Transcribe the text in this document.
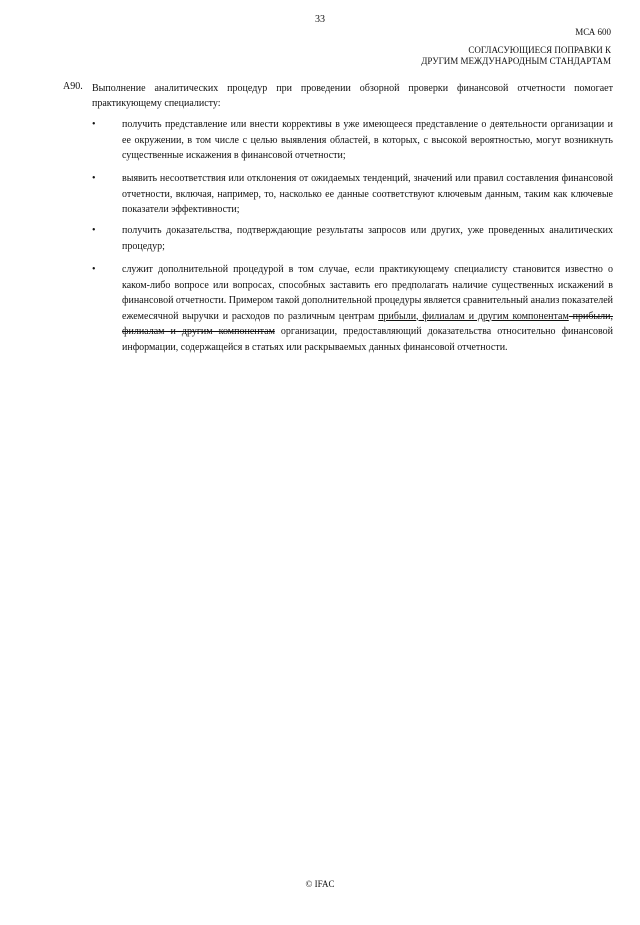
33
МСА 600
СОГЛАСУЮЩИЕСЯ ПОПРАВКИ К
ДРУГИМ МЕЖДУНАРОДНЫМ СТАНДАРТАМ
А90. Выполнение аналитических процедур при проведении обзорной проверки финансовой отчетности помогает практикующему специалисту:

•	получить представление или внести коррективы в уже имеющееся представление о деятельности организации и ее окружении, в том числе с целью выявления областей, в которых, с высокой вероятностью, могут возникнуть существенные искажения в финансовой отчетности;
•	выявить несоответствия или отклонения от ожидаемых тенденций, значений или правил составления финансовой отчетности, включая, например, то, насколько ее данные соответствуют ключевым данным, таким как ключевые показатели эффективности;
•	получить доказательства, подтверждающие результаты запросов или других, уже проведенных аналитических процедур;
•	служит дополнительной процедурой в том случае, если практикующему специалисту становится известно о каком-либо вопросе или вопросах, способных заставить его предполагать наличие существенных искажений в финансовой отчетности. Примером такой дополнительной процедуры является сравнительный анализ показателей ежемесячной выручки и расходов по различным центрам прибыли, филиалам и другим компонентам прибыли, филиалам и другим компонентам организации, предоставляющий доказательства относительно финансовой информации, содержащейся в статьях или раскрываемых данных финансовой отчетности.
© IFAC
